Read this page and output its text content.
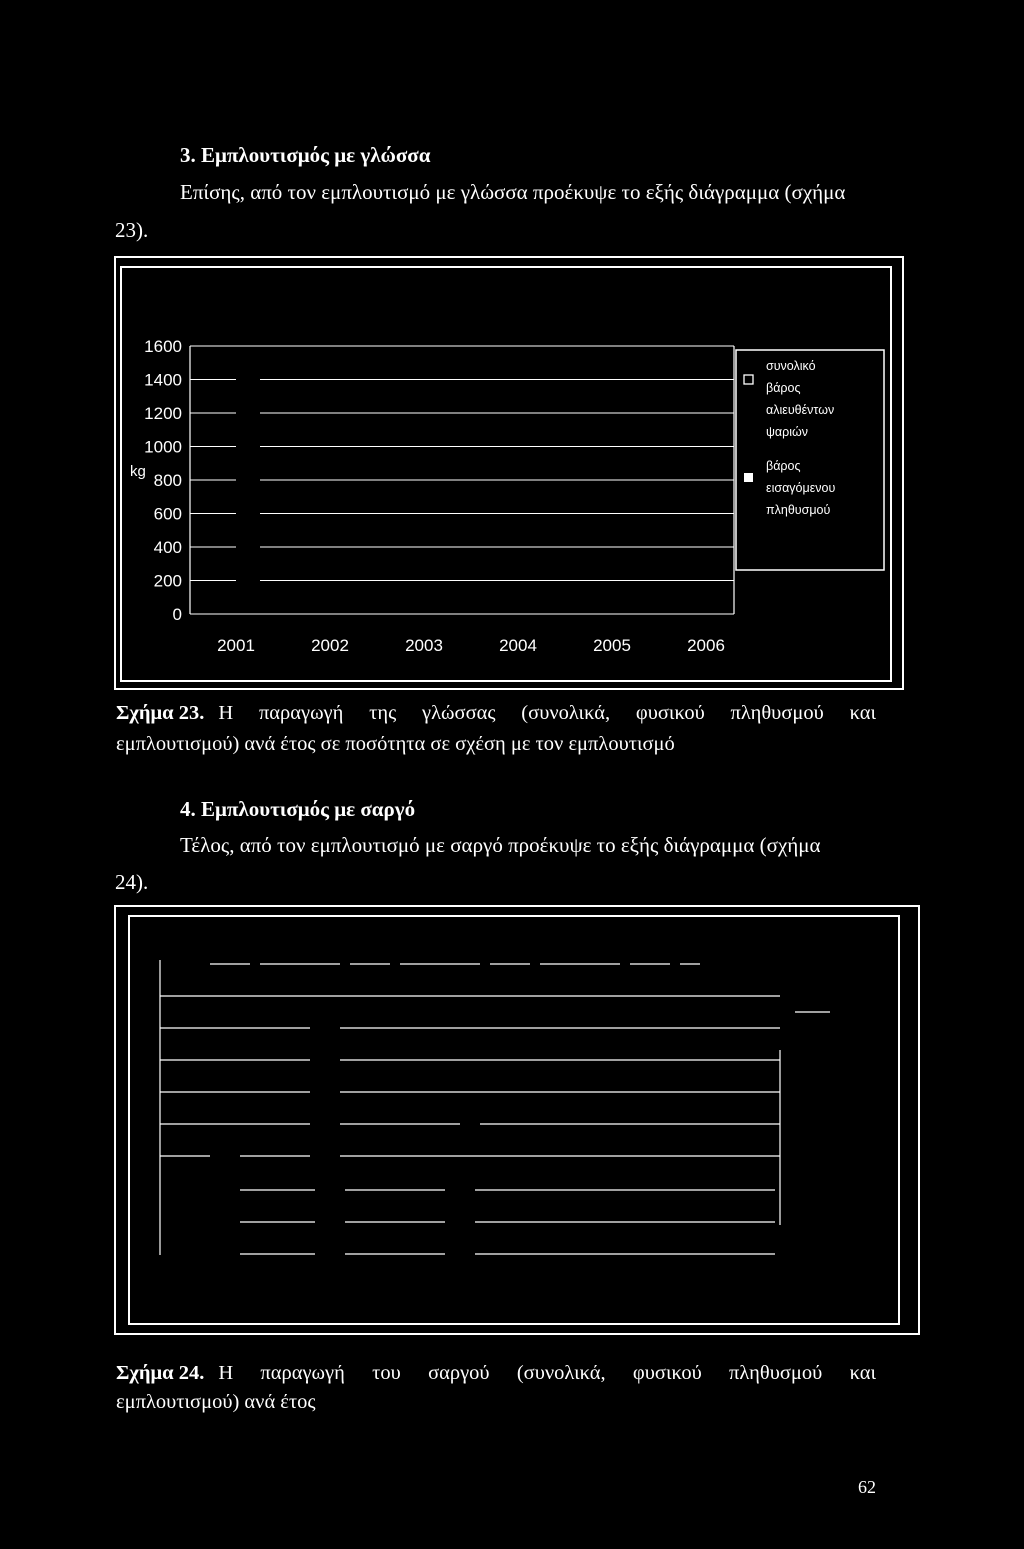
3. Εμπλουτισμός με γλώσσα
Επίσης, από τον εμπλουτισμό με γλώσσα προέκυψε το εξής διάγραμμα (σχήμα
23).
0
200
400
600
800
1000
1200
1400
1600
2001	2002	2003	2004	2005	2006
kg
συνολικό
βάρος
αλιευθέντων
ψαριών
βάρος
εισαγόμενου
πληθυσμού
Σχήμα 23. Η παραγωγή της γλώσσας (συνολικά, φυσικού πληθυσμού και
εμπλουτισμού) ανά έτος σε ποσότητα σε σχέση με τον εμπλουτισμό
4. Εμπλουτισμός με σαργό
Τέλος, από τον εμπλουτισμό με σαργό προέκυψε το εξής διάγραμμα (σχήμα
24).
Σχήμα 24. Η παραγωγή του σαργού (συνολικά, φυσικού πληθυσμού και
εμπλουτισμού) ανά έτος
62
